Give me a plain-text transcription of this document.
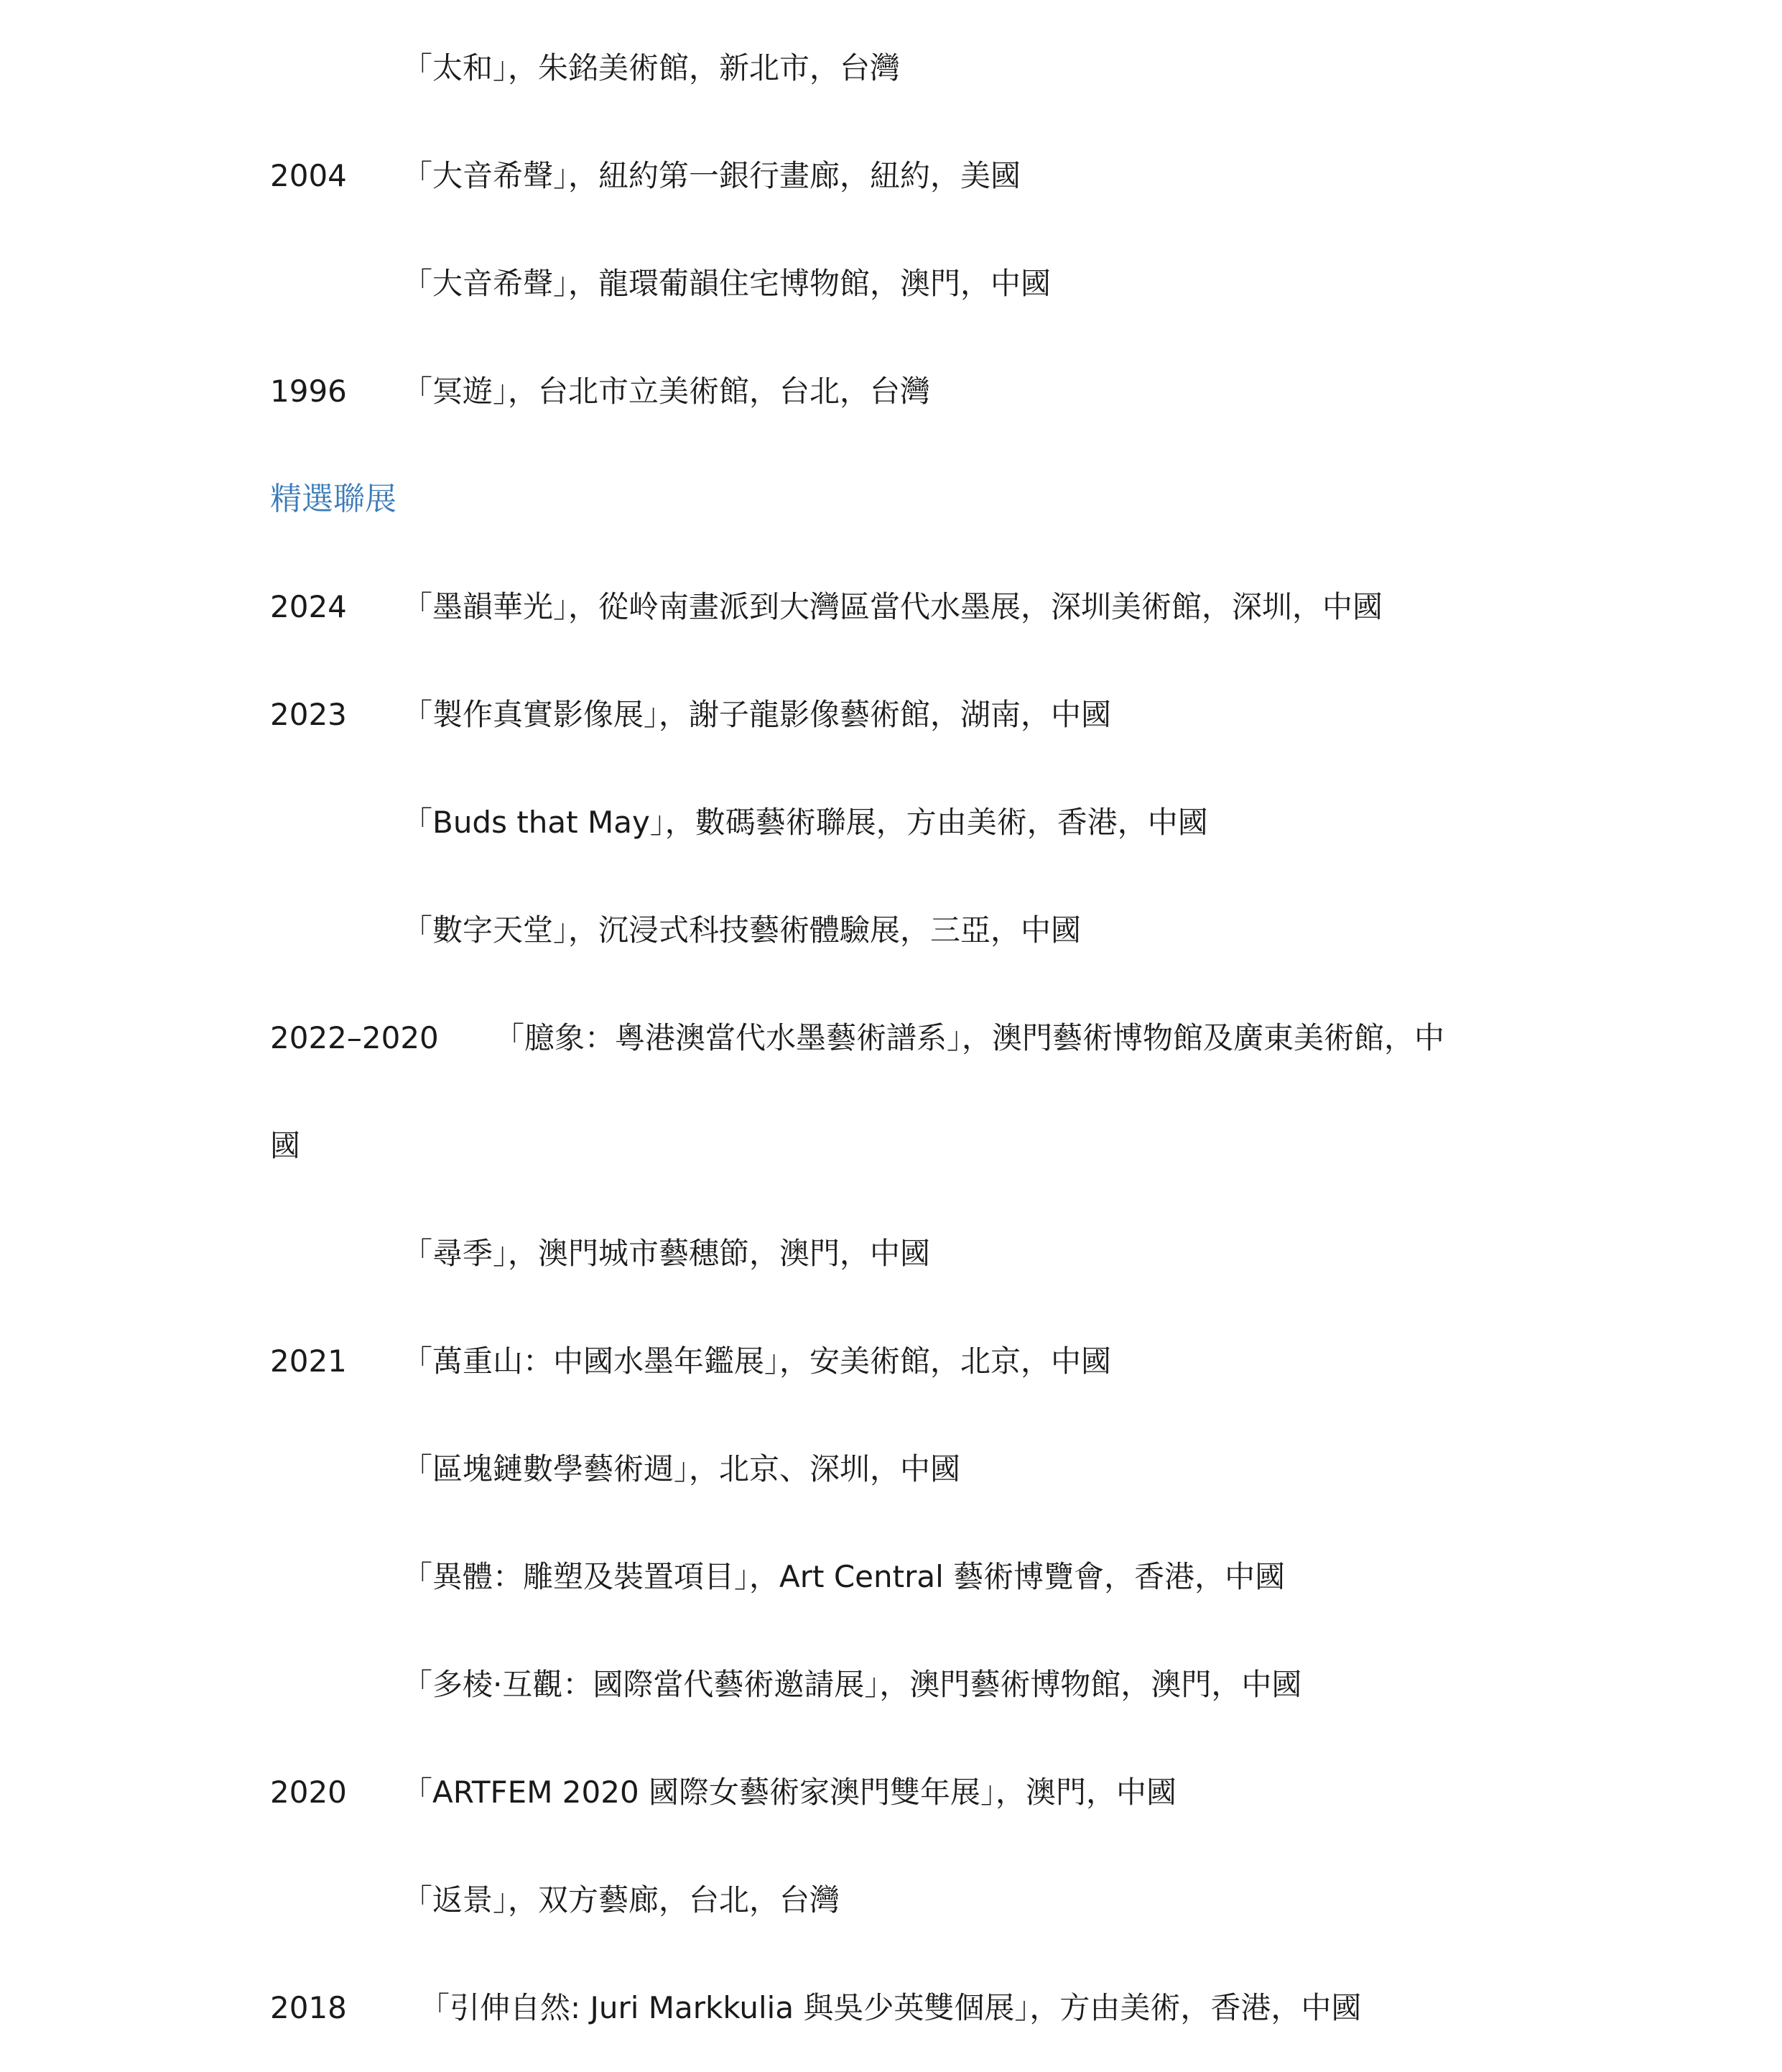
「太和」，朱銘美術館，新北市，台灣
2004 「大音希聲」，紐約第一銀行畫廊，紐約，美國
「大音希聲」，龍環葡韻住宅博物館，澳門，中國
1996 「冥遊」，台北市立美術館，台北，台灣
精選聯展
2024 「墨韻華光」，從岭南畫派到大灣區當代水墨展，深圳美術館，深圳，中國
2023 「製作真實影像展」，謝子龍影像藝術館，湖南，中國
「Buds that May」，數碼藝術聯展，方由美術，香港，中國
「數字天堂」，沉浸式科技藝術體驗展，三亞，中國
2022–2020 「臆象：粵港澳當代水墨藝術譜系」，澳門藝術博物館及廣東美術館，中
國
「尋季」，澳門城市藝穗節，澳門，中國
2021 「萬重山：中國水墨年鑑展」，安美術館，北京，中國
「區塊鏈數學藝術週」，北京、深圳，中國
「異體：雕塑及裝置項目」，Art Central 藝術博覽會，香港，中國
「多棱·互觀：國際當代藝術邀請展」，澳門藝術博物館，澳門，中國
2020 「ARTFEM 2020 國際女藝術家澳門雙年展」，澳門，中國
「返景」，双方藝廊，台北，台灣
2018 「引伸自然: Juri Markkulia 與吳少英雙個展」，方由美術，香港，中國
